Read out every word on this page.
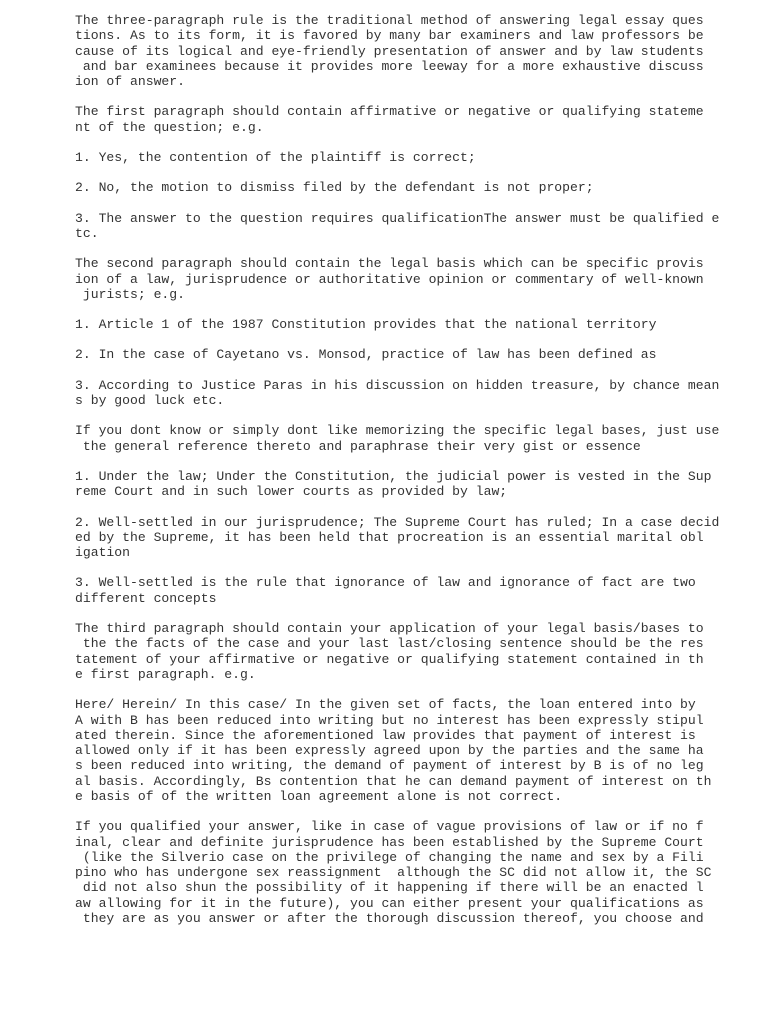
The three-paragraph rule is the traditional method of answering legal essay ques
tions. As to its form, it is favored by many bar examiners and law professors be
cause of its logical and eye-friendly presentation of answer and by law students
and bar examinees because it provides more leeway for a more exhaustive discuss
ion of answer.

The first paragraph should contain affirmative or negative or qualifying stateme
nt of the question; e.g.

1. Yes, the contention of the plaintiff is correct;

2. No, the motion to dismiss filed by the defendant is not proper;

3. The answer to the question requires qualificationThe answer must be qualified e
tc.

The second paragraph should contain the legal basis which can be specific provis
ion of a law, jurisprudence or authoritative opinion or commentary of well-known
jurists; e.g.

1. Article 1 of the 1987 Constitution provides that the national territory

2. In the case of Cayetano vs. Monsod, practice of law has been defined as

3. According to Justice Paras in his discussion on hidden treasure, by chance mean
s by good luck etc.

If you dont know or simply dont like memorizing the specific legal bases, just use
the general reference thereto and paraphrase their very gist or essence

1. Under the law; Under the Constitution, the judicial power is vested in the Sup
reme Court and in such lower courts as provided by law;

2. Well-settled in our jurisprudence; The Supreme Court has ruled; In a case decid
ed by the Supreme, it has been held that procreation is an essential marital obl
igation

3. Well-settled is the rule that ignorance of law and ignorance of fact are two
different concepts

The third paragraph should contain your application of your legal basis/bases to
the the facts of the case and your last last/closing sentence should be the res
tatement of your affirmative or negative or qualifying statement contained in th
e first paragraph. e.g.

Here/ Herein/ In this case/ In the given set of facts, the loan entered into by
A with B has been reduced into writing but no interest has been expressly stipul
ated therein. Since the aforementioned law provides that payment of interest is
allowed only if it has been expressly agreed upon by the parties and the same ha
s been reduced into writing, the demand of payment of interest by B is of no leg
al basis. Accordingly, Bs contention that he can demand payment of interest on th
e basis of of the written loan agreement alone is not correct.

If you qualified your answer, like in case of vague provisions of law or if no f
inal, clear and definite jurisprudence has been established by the Supreme Court
(like the Silverio case on the privilege of changing the name and sex by a Fili
pino who has undergone sex reassignment  although the SC did not allow it, the SC
did not also shun the possibility of it happening if there will be an enacted l
aw allowing for it in the future), you can either present your qualifications as
they are as you answer or after the thorough discussion thereof, you choose and
